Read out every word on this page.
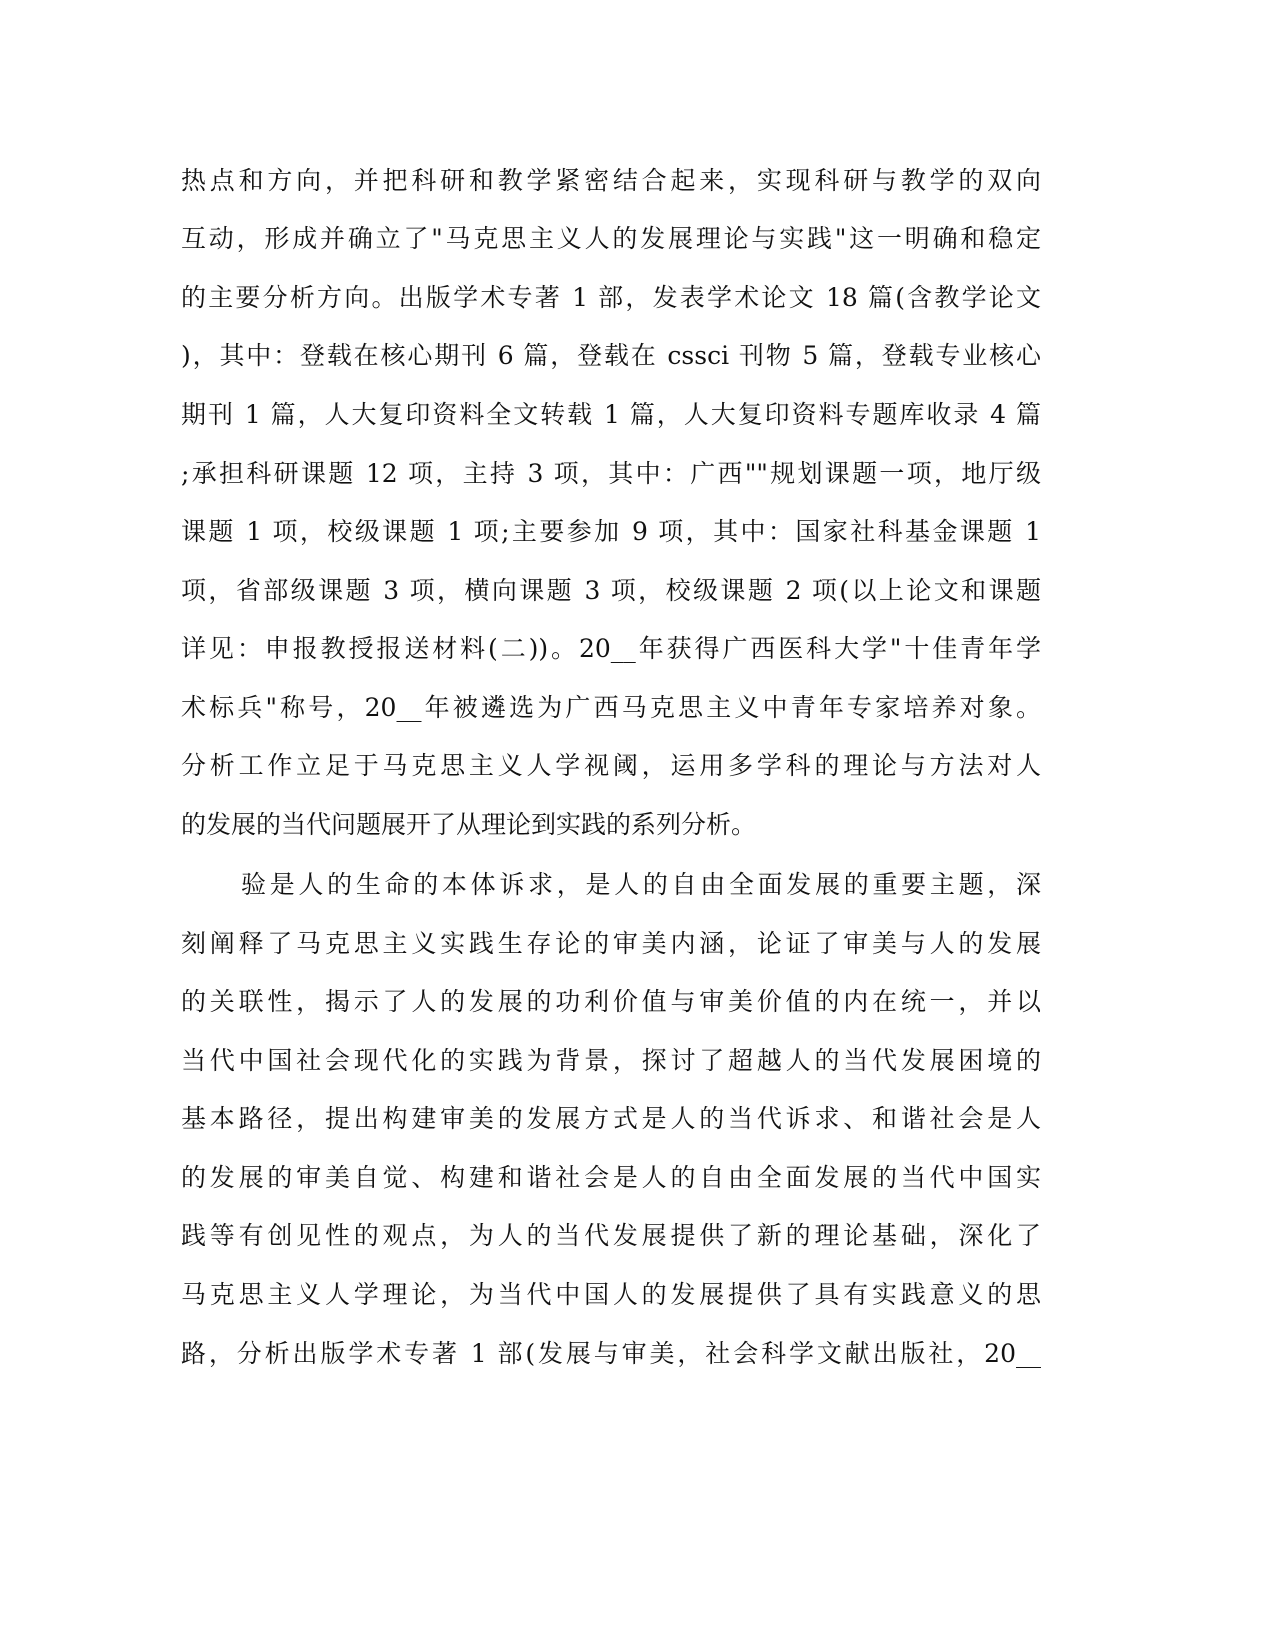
热点和方向，并把科研和教学紧密结合起来，实现科研与教学的双向
互动，形成并确立了"马克思主义人的发展理论与实践"这一明确和稳定
的主要分析方向。出版学术专著 1 部，发表学术论文 18 篇(含教学论文
)，其中：登载在核心期刊 6 篇，登载在 cssci 刊物 5 篇，登载专业核心
期刊 1 篇，人大复印资料全文转载 1 篇，人大复印资料专题库收录 4 篇
;承担科研课题 12 项，主持 3 项，其中：广西""规划课题一项，地厅级
课题 1 项，校级课题 1 项;主要参加 9 项，其中：国家社科基金课题 1
项，省部级课题 3 项，横向课题 3 项，校级课题 2 项(以上论文和课题
详见：申报教授报送材料(二))。20__年获得广西医科大学"十佳青年学
术标兵"称号，20__年被遴选为广西马克思主义中青年专家培养对象。
分析工作立足于马克思主义人学视阈，运用多学科的理论与方法对人
的发展的当代问题展开了从理论到实践的系列分析。
验是人的生命的本体诉求，是人的自由全面发展的重要主题，深
刻阐释了马克思主义实践生存论的审美内涵，论证了审美与人的发展
的关联性，揭示了人的发展的功利价值与审美价值的内在统一，并以
当代中国社会现代化的实践为背景，探讨了超越人的当代发展困境的
基本路径，提出构建审美的发展方式是人的当代诉求、和谐社会是人
的发展的审美自觉、构建和谐社会是人的自由全面发展的当代中国实
践等有创见性的观点，为人的当代发展提供了新的理论基础，深化了
马克思主义人学理论，为当代中国人的发展提供了具有实践意义的思
路，分析出版学术专著 1 部(发展与审美，社会科学文献出版社，20__
